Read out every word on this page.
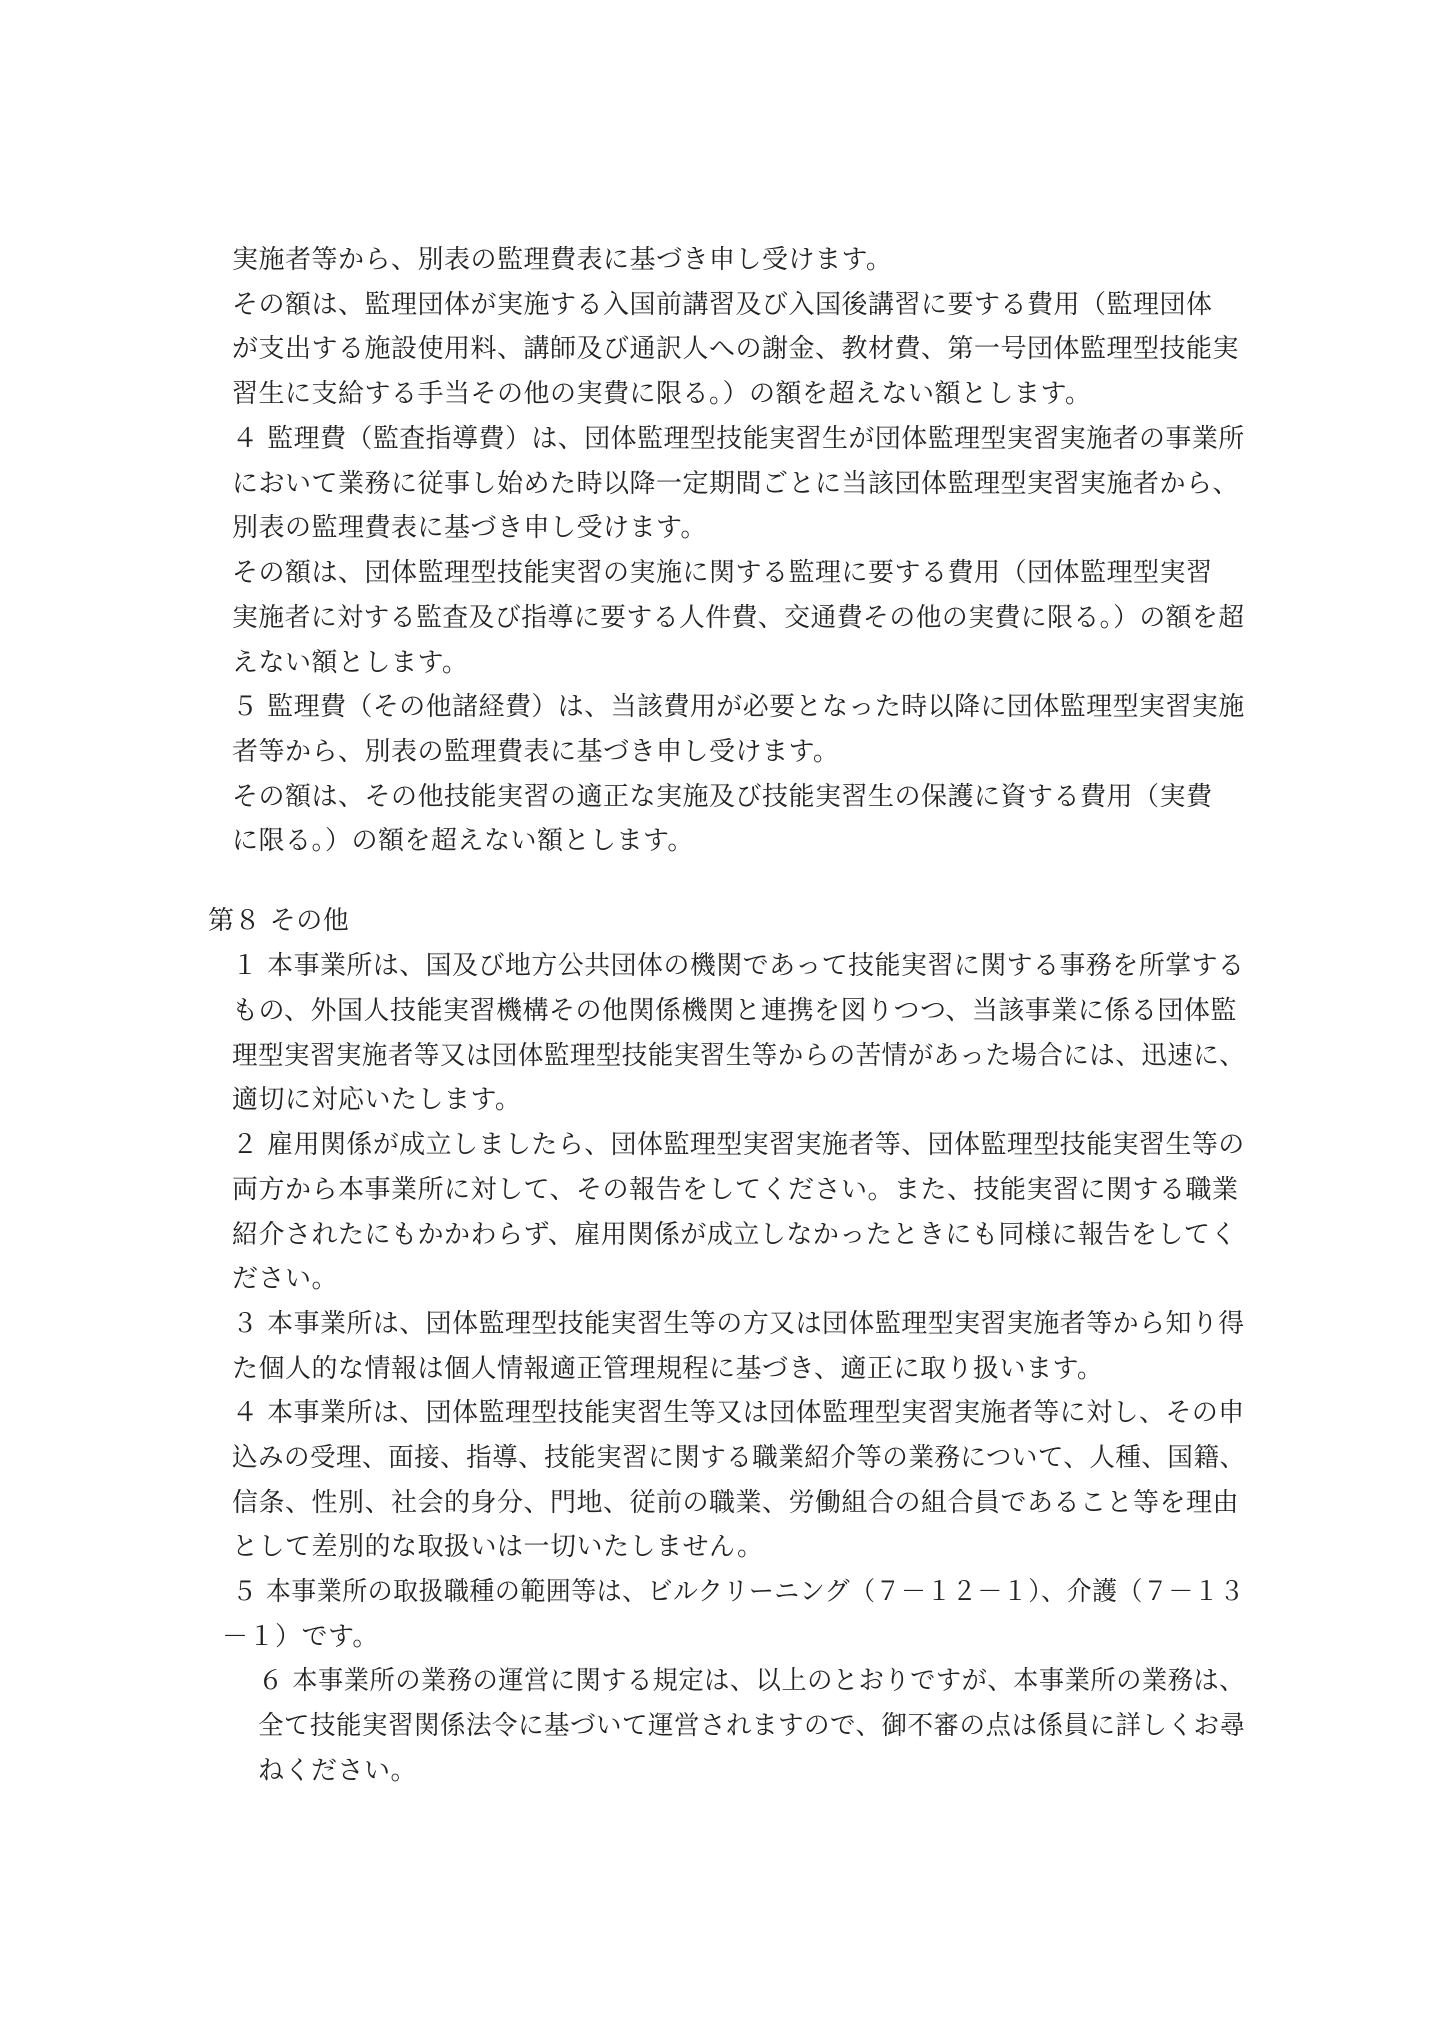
実施者等から、別表の監理費表に基づき申し受けます。
その額は、監理団体が実施する入国前講習及び入国後講習に要する費用（監理団体
が支出する施設使用料、講師及び通訳人への謝金、教材費、第一号団体監理型技能実
習生に支給する手当その他の実費に限る。）の額を超えない額とします。
４ 監理費（監査指導費）は、団体監理型技能実習生が団体監理型実習実施者の事業所
において業務に従事し始めた時以降一定期間ごとに当該団体監理型実習実施者から、
別表の監理費表に基づき申し受けます。
その額は、団体監理型技能実習の実施に関する監理に要する費用（団体監理型実習
実施者に対する監査及び指導に要する人件費、交通費その他の実費に限る。）の額を超
えない額とします。
５ 監理費（その他諸経費）は、当該費用が必要となった時以降に団体監理型実習実施
者等から、別表の監理費表に基づき申し受けます。
その額は、その他技能実習の適正な実施及び技能実習生の保護に資する費用（実費
に限る。）の額を超えない額とします。
第８ その他
１ 本事業所は、国及び地方公共団体の機関であって技能実習に関する事務を所掌する
もの、外国人技能実習機構その他関係機関と連携を図りつつ、当該事業に係る団体監
理型実習実施者等又は団体監理型技能実習生等からの苦情があった場合には、迅速に、
適切に対応いたします。
２ 雇用関係が成立しましたら、団体監理型実習実施者等、団体監理型技能実習生等の
両方から本事業所に対して、その報告をしてください。また、技能実習に関する職業
紹介されたにもかかわらず、雇用関係が成立しなかったときにも同様に報告をしてく
ださい。
３ 本事業所は、団体監理型技能実習生等の方又は団体監理型実習実施者等から知り得
た個人的な情報は個人情報適正管理規程に基づき、適正に取り扱います。
４ 本事業所は、団体監理型技能実習生等又は団体監理型実習実施者等に対し、その申
込みの受理、面接、指導、技能実習に関する職業紹介等の業務について、人種、国籍、
信条、性別、社会的身分、門地、従前の職業、労働組合の組合員であること等を理由
として差別的な取扱いは一切いたしません。
５ 本事業所の取扱職種の範囲等は、ビルクリーニング（７－１２－１）、介護（７－１３
－１）です。
６ 本事業所の業務の運営に関する規定は、以上のとおりですが、本事業所の業務は、
全て技能実習関係法令に基づいて運営されますので、御不審の点は係員に詳しくお尋
ねください。
